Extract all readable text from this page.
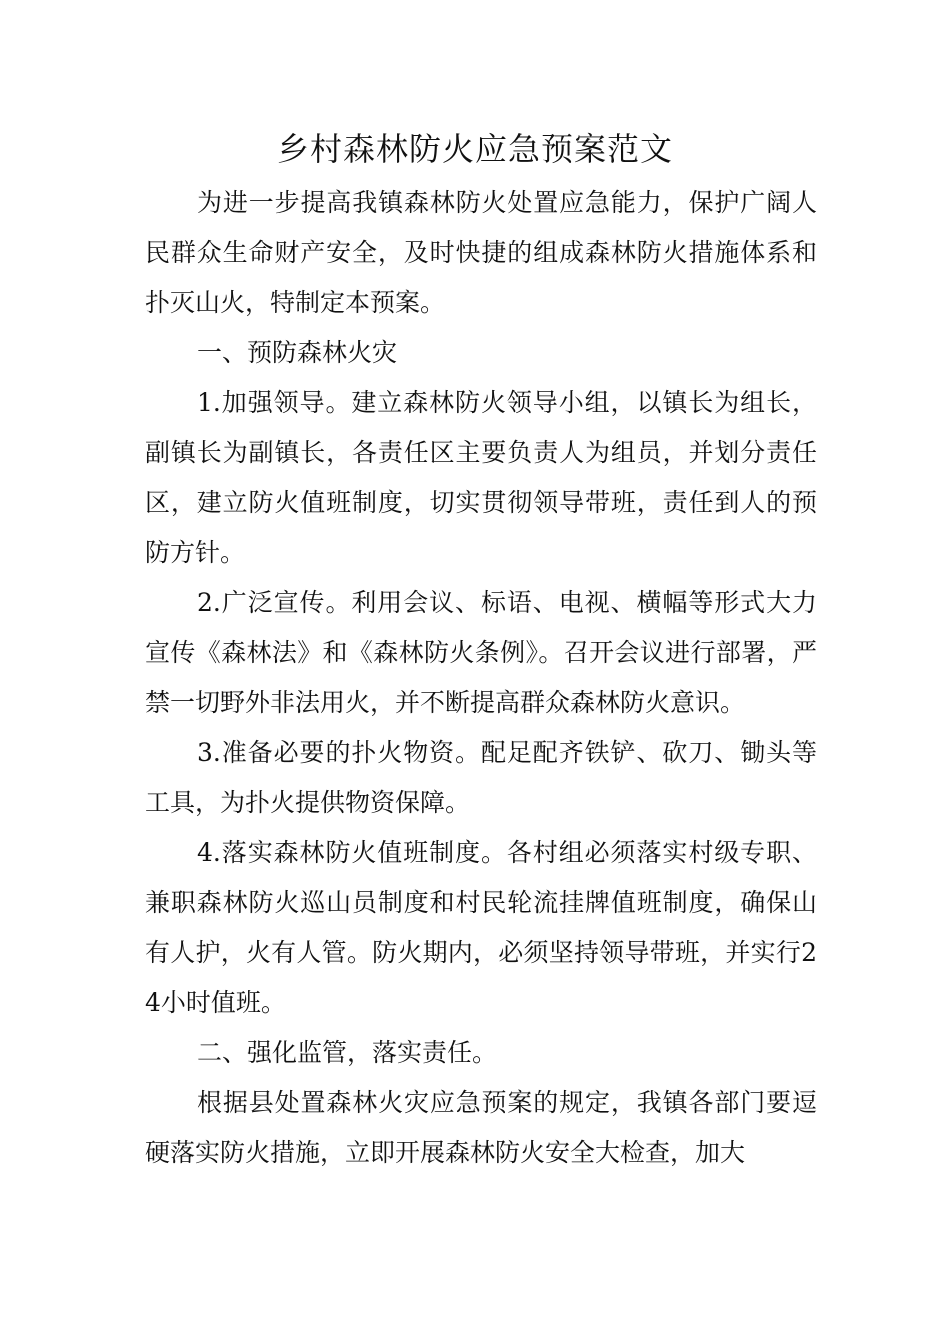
乡村森林防火应急预案范文

为进一步提高我镇森林防火处置应急能力，保护广阔人民群众生命财产安全，及时快捷的组成森林防火措施体系和扑灭山火，特制定本预案。

一、预防森林火灾

1.加强领导。建立森林防火领导小组，以镇长为组长，副镇长为副镇长，各责任区主要负责人为组员，并划分责任区，建立防火值班制度，切实贯彻领导带班，责任到人的预防方针。

2.广泛宣传。利用会议、标语、电视、横幅等形式大力宣传《森林法》和《森林防火条例》。召开会议进行部署，严禁一切野外非法用火，并不断提高群众森林防火意识。

3.准备必要的扑火物资。配足配齐铁铲、砍刀、锄头等工具，为扑火提供物资保障。

4.落实森林防火值班制度。各村组必须落实村级专职、兼职森林防火巡山员制度和村民轮流挂牌值班制度，确保山有人护，火有人管。防火期内，必须坚持领导带班，并实行24小时值班。

二、强化监管，落实责任。

根据县处置森林火灾应急预案的规定，我镇各部门要逗硬落实防火措施，立即开展森林防火安全大检查，加大
